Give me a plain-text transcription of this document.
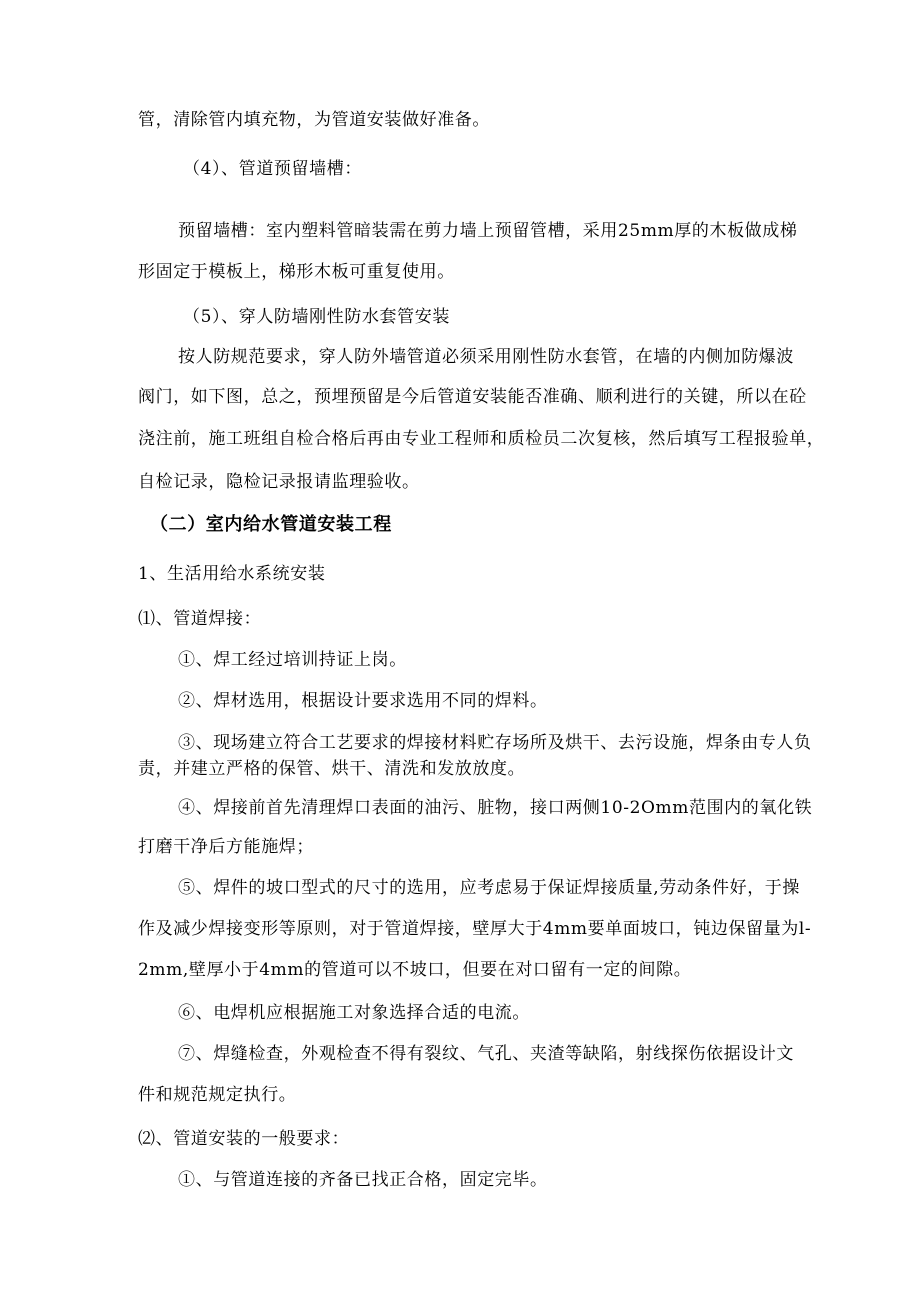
管，清除管内填充物，为管道安装做好准备。
（4）、管道预留墙槽：
预留墙槽：室内塑料管暗装需在剪力墙上预留管槽，采用25mm厚的木板做成梯
形固定于模板上，梯形木板可重复使用。
（5）、穿人防墙刚性防水套管安装
按人防规范要求，穿人防外墙管道必须采用刚性防水套管，在墙的内侧加防爆波
阀门，如下图，总之，预埋预留是今后管道安装能否准确、顺利进行的关键，所以在砼
浇注前，施工班组自检合格后再由专业工程师和质检员二次复核，然后填写工程报验单，
自检记录，隐检记录报请监理验收。
（二）室内给水管道安装工程
1、生活用给水系统安装
⑴、管道焊接：
①、焊工经过培训持证上岗。
②、焊材选用，根据设计要求选用不同的焊料。
③、现场建立符合工艺要求的焊接材料贮存场所及烘干、去污设施，焊条由专人负
责，并建立严格的保管、烘干、清洗和发放放度。
④、焊接前首先清理焊口表面的油污、脏物，接口两侧10-2Omm范围内的氧化铁
打磨干净后方能施焊；
⑤、焊件的坡口型式的尺寸的选用，应考虑易于保证焊接质量,劳动条件好，于操
作及减少焊接变形等原则，对于管道焊接，壁厚大于4mm要单面坡口，钝边保留量为l-
2mm,壁厚小于4mm的管道可以不坡口，但要在对口留有一定的间隙。
⑥、电焊机应根据施工对象选择合适的电流。
⑦、焊缝检查，外观检查不得有裂纹、气孔、夹渣等缺陷，射线探伤依据设计文
件和规范规定执行。
⑵、管道安装的一般要求：
①、与管道连接的齐备已找正合格，固定完毕。
